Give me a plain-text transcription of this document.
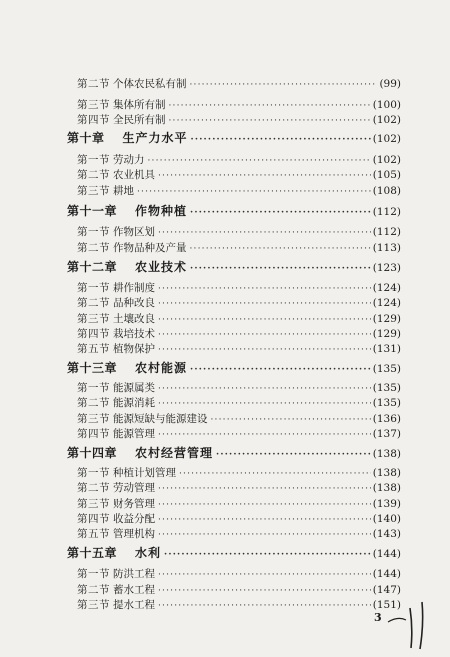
第二节 个体农民私有制 ·····	(99)
第三节 集体所有制 ·····	(100)
第四节 全民所有制 ·····	(102)
第十章	生产力水平 ·····	(102)
第一节 劳动力 ·····	(102)
第二节 农业机具 ·····	(105)
第三节 耕地 ·····	(108)
第十一章	作物种植 ·····	(112)
第一节 作物区划 ·····	(112)
第二节 作物品种及产量 ·····	(113)
第十二章	农业技术 ·····	(123)
第一节 耕作制度 ·····	(124)
第二节 品种改良 ·····	(124)
第三节 土壤改良 ·····	(129)
第四节 栽培技术 ·····	(129)
第五节 植物保护 ·····	(131)
第十三章	农村能源 ·····	(135)
第一节 能源属类 ·····	(135)
第二节 能源消耗 ·····	(135)
第三节 能源短缺与能源建设 ·····	(136)
第四节 能源管理 ·····	(137)
第十四章	农村经营管理 ·····	(138)
第一节 种植计划管理 ·····	(138)
第二节 劳动管理 ·····	(138)
第三节 财务管理 ·····	(139)
第四节 收益分配 ·····	(140)
第五节 管理机构 ·····	(143)
第十五章	水利 ·····	(144)
第一节 防洪工程 ·····	(144)
第二节 蓄水工程 ·····	(147)
第三节 提水工程 ·····	(151)
3
